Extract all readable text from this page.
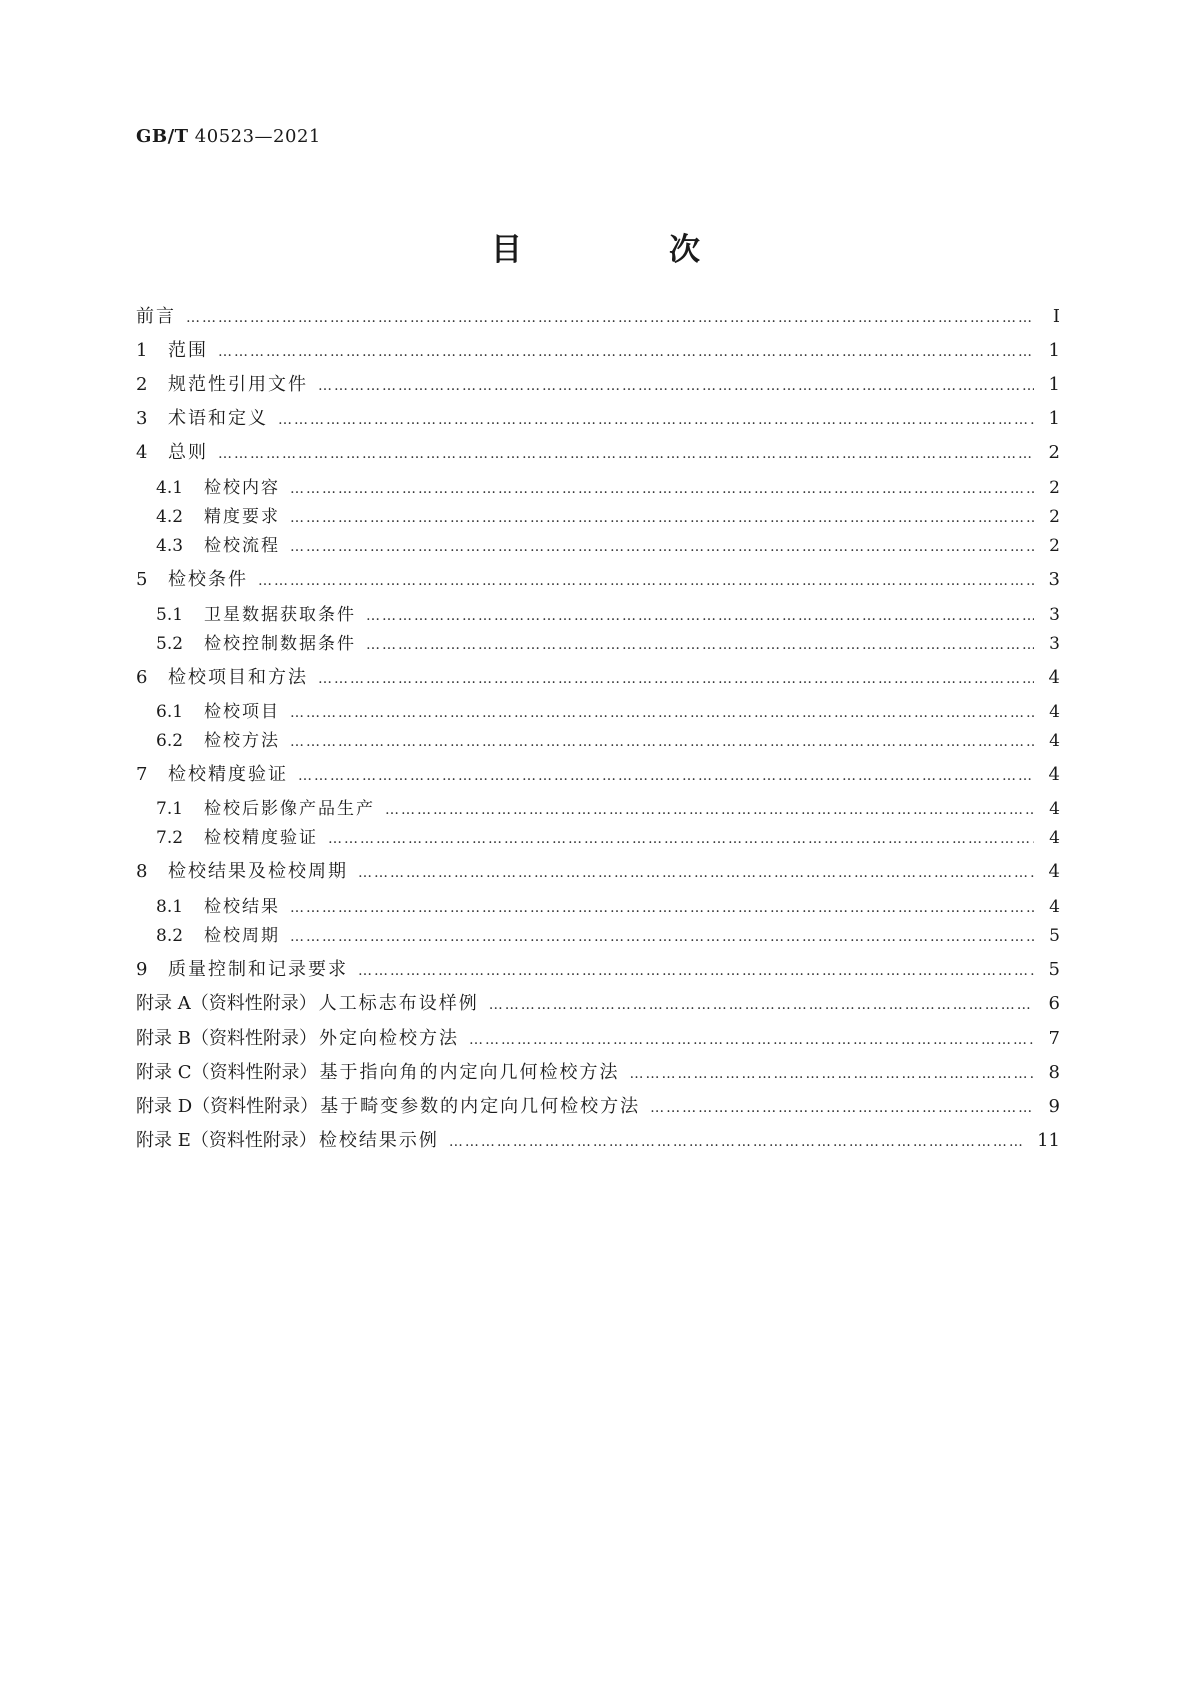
GB/T 40523—2021
目　次
前言 …………………………………………………………………………………………………………………………………………………………………………………………………………	Ⅰ
1	范围 …………………………………………………………………………………………………………………………………………………………………………………………………………	1
2	规范性引用文件 …………………………………………………………………………………………………………………………………………………………………………………………………………	1
3	术语和定义 …………………………………………………………………………………………………………………………………………………………………………………………………………	1
4	总则 …………………………………………………………………………………………………………………………………………………………………………………………………………	2
4.1	检校内容 …………………………………………………………………………………………………………………………………………………………………………………………………………	2
4.2	精度要求 …………………………………………………………………………………………………………………………………………………………………………………………………………	2
4.3	检校流程 …………………………………………………………………………………………………………………………………………………………………………………………………………	2
5	检校条件 …………………………………………………………………………………………………………………………………………………………………………………………………………	3
5.1	卫星数据获取条件 …………………………………………………………………………………………………………………………………………………………………………………………………………	3
5.2	检校控制数据条件 …………………………………………………………………………………………………………………………………………………………………………………………………………	3
6	检校项目和方法 …………………………………………………………………………………………………………………………………………………………………………………………………………	4
6.1	检校项目 …………………………………………………………………………………………………………………………………………………………………………………………………………	4
6.2	检校方法 …………………………………………………………………………………………………………………………………………………………………………………………………………	4
7	检校精度验证 …………………………………………………………………………………………………………………………………………………………………………………………………………	4
7.1	检校后影像产品生产 …………………………………………………………………………………………………………………………………………………………………………………………………………	4
7.2	检校精度验证 …………………………………………………………………………………………………………………………………………………………………………………………………………	4
8	检校结果及检校周期 …………………………………………………………………………………………………………………………………………………………………………………………………………	4
8.1	检校结果 …………………………………………………………………………………………………………………………………………………………………………………………………………	4
8.2	检校周期 …………………………………………………………………………………………………………………………………………………………………………………………………………	5
9	质量控制和记录要求 …………………………………………………………………………………………………………………………………………………………………………………………………………	5
附录 A（资料性附录） 人工标志布设样例 …………………………………………………………………………………………………………………………………………………………………………………………………………	6
附录 B（资料性附录） 外定向检校方法 …………………………………………………………………………………………………………………………………………………………………………………………………………	7
附录 C（资料性附录） 基于指向角的内定向几何检校方法 …………………………………………………………………………………………………………………………………………………………………………………………………………	8
附录 D（资料性附录） 基于畸变参数的内定向几何检校方法 …………………………………………………………………………………………………………………………………………………………………………………………………………	9
附录 E（资料性附录） 检校结果示例 …………………………………………………………………………………………………………………………………………………………………………………………………………	11
